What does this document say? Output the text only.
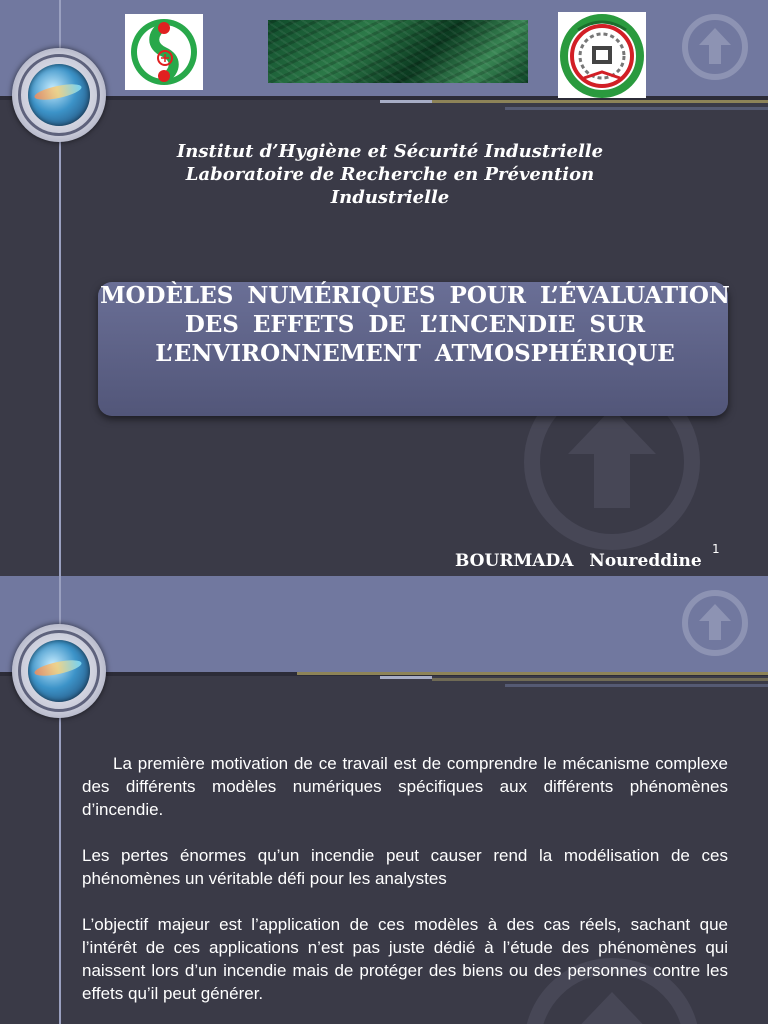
Institut d’Hygiène et Sécurité Industrielle
Laboratoire de Recherche en Prévention
Industrielle
MODÈLES NUMÉRIQUES POUR L’ÉVALUATION
DES EFFETS DE L’INCENDIE SUR
L’ENVIRONNEMENT ATMOSPHÉRIQUE
1
BOURMADA Noureddine

La première motivation de ce travail est de comprendre le mécanisme complexe des différents modèles numériques spécifiques aux différents phénomènes d’incendie.

Les pertes énormes qu’un incendie peut causer rend la modélisation de ces phénomènes un véritable défi pour les analystes

L’objectif majeur est l’application de ces modèles à des cas réels, sachant que l’intérêt de ces applications n’est pas juste dédié à l’étude des phénomènes qui naissent lors d’un incendie mais de protéger des biens ou des personnes contre les effets qu’il peut générer.
